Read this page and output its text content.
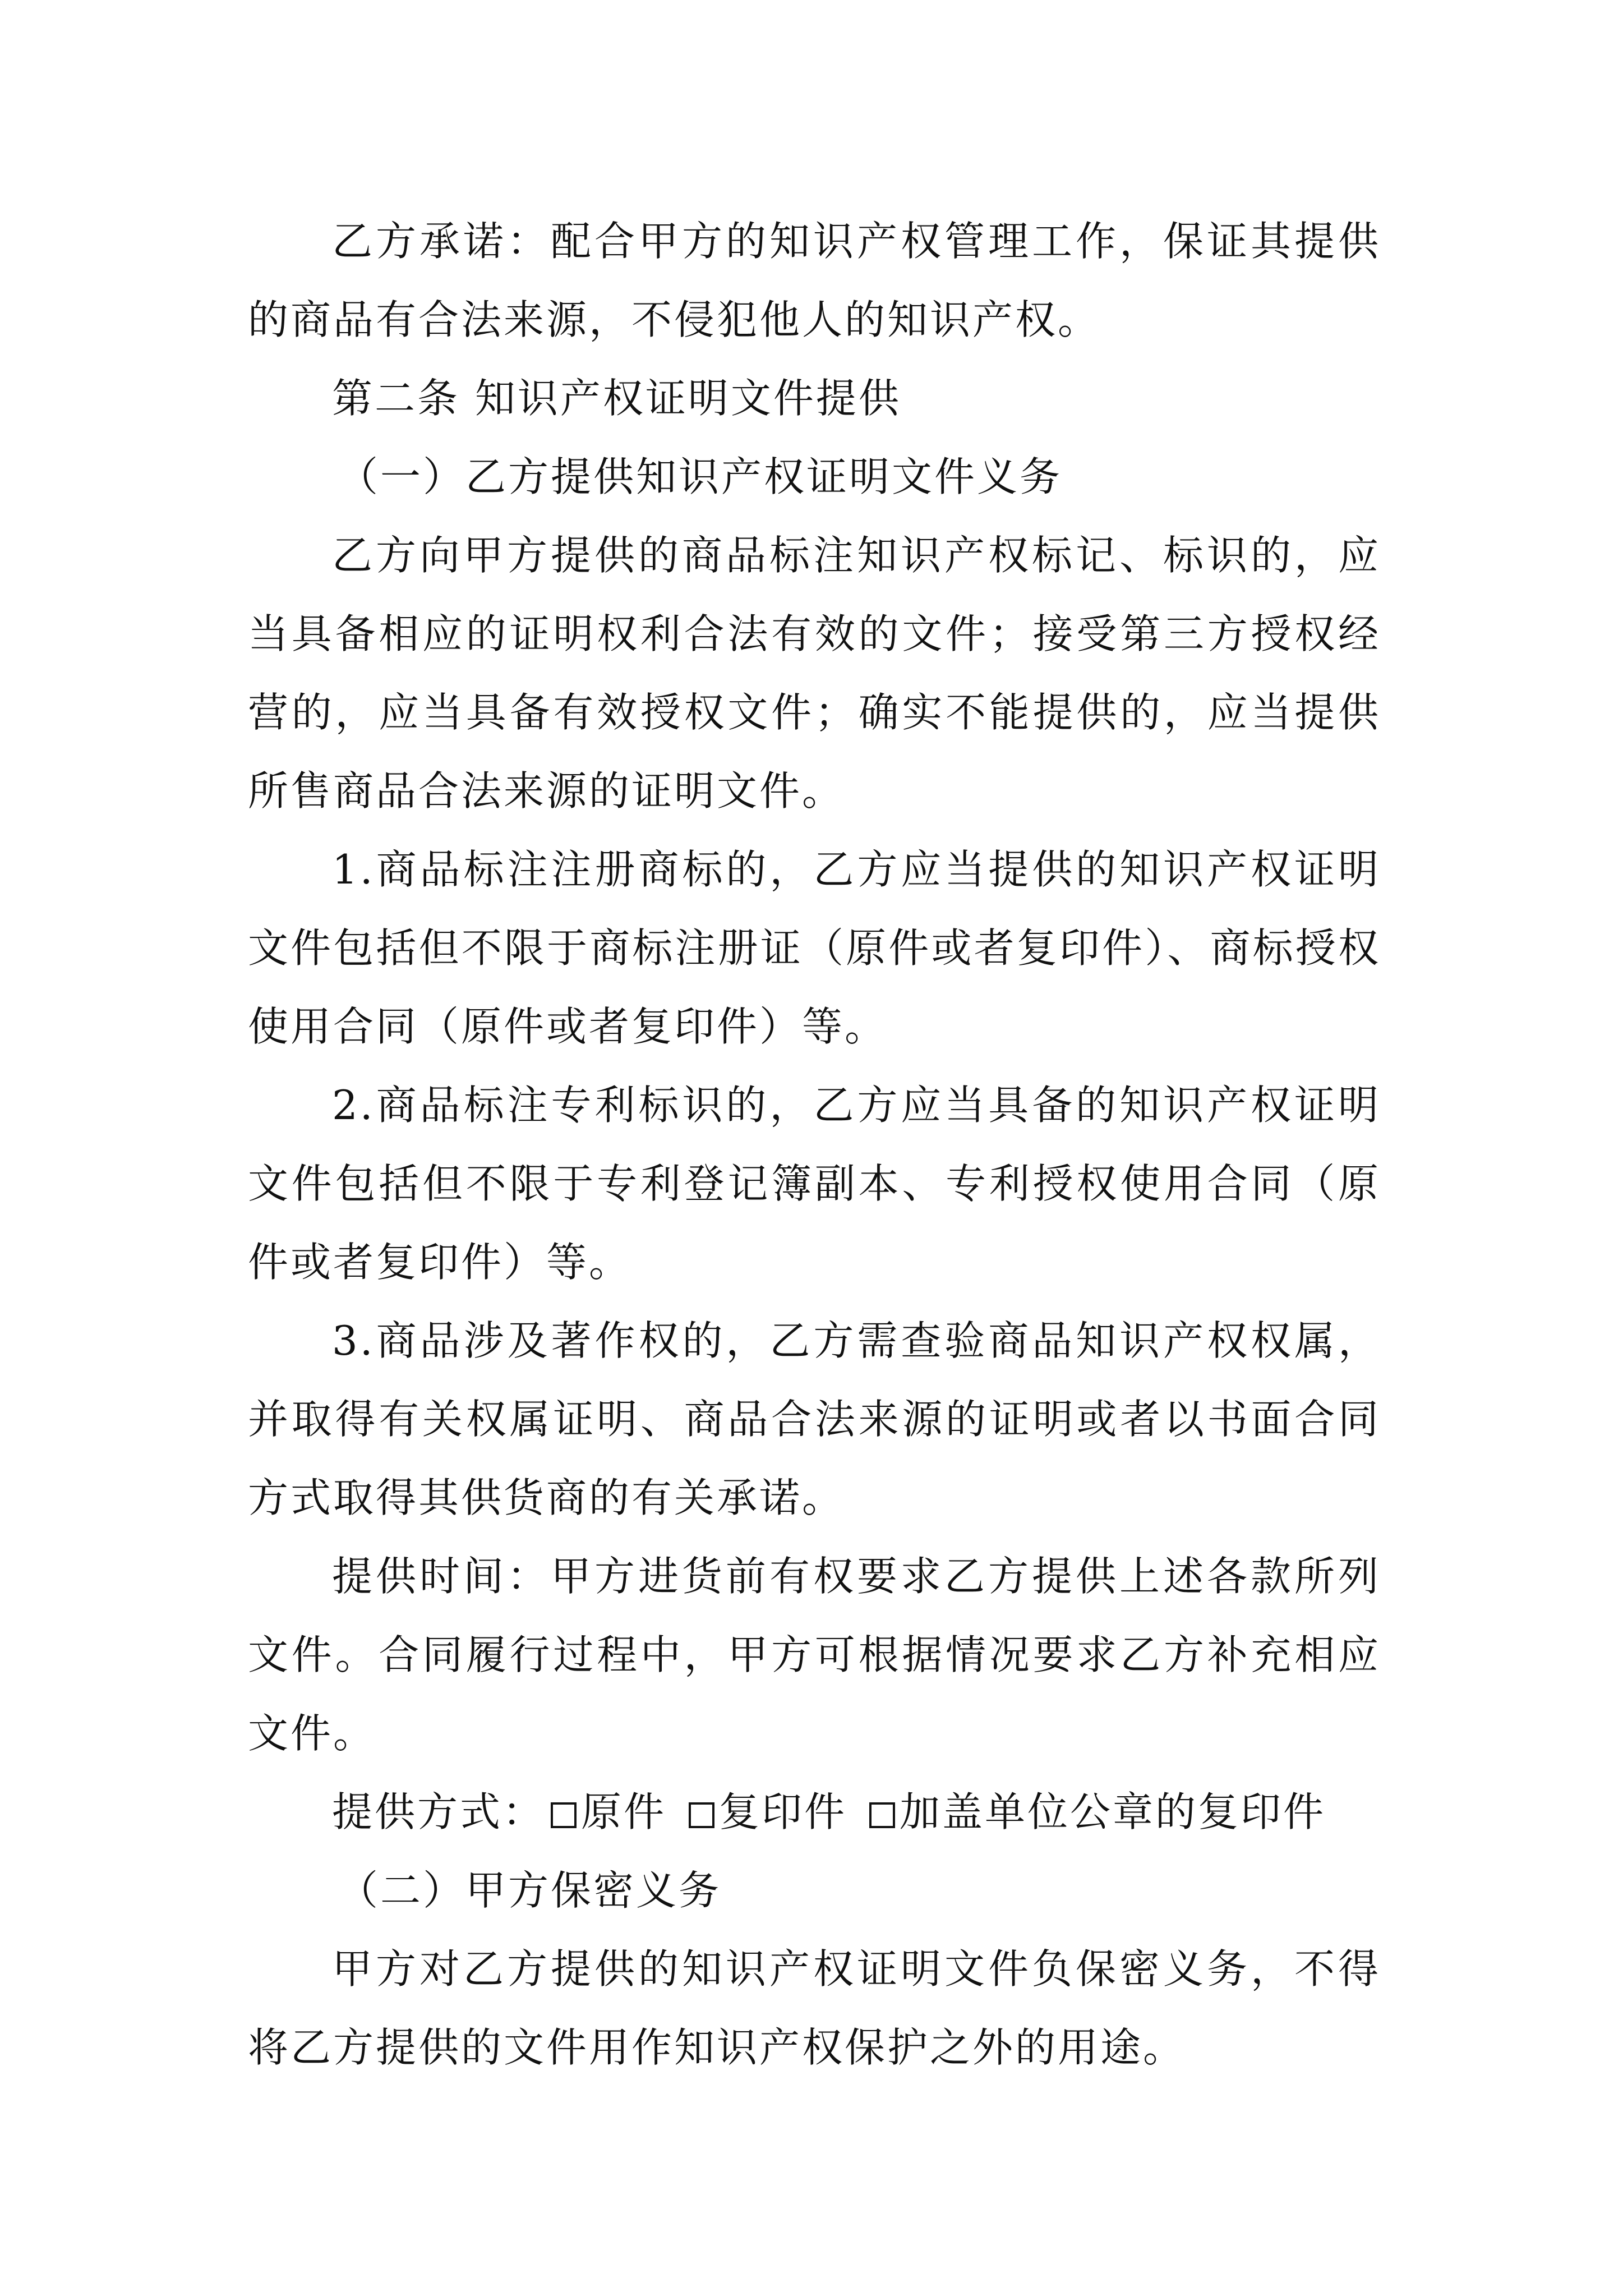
乙方承诺：配合甲方的知识产权管理工作，保证其提供的商品有合法来源，不侵犯他人的知识产权。

第二条 知识产权证明文件提供

（一）乙方提供知识产权证明文件义务

乙方向甲方提供的商品标注知识产权标记、标识的，应当具备相应的证明权利合法有效的文件；接受第三方授权经营的，应当具备有效授权文件；确实不能提供的，应当提供所售商品合法来源的证明文件。

1.商品标注注册商标的，乙方应当提供的知识产权证明文件包括但不限于商标注册证（原件或者复印件）、商标授权使用合同（原件或者复印件）等。

2.商品标注专利标识的，乙方应当具备的知识产权证明文件包括但不限于专利登记簿副本、专利授权使用合同（原件或者复印件）等。

3.商品涉及著作权的，乙方需查验商品知识产权权属，并取得有关权属证明、商品合法来源的证明或者以书面合同方式取得其供货商的有关承诺。

提供时间：甲方进货前有权要求乙方提供上述各款所列文件。合同履行过程中，甲方可根据情况要求乙方补充相应文件。

提供方式： 原件 复印件 加盖单位公章的复印件

（二）甲方保密义务

甲方对乙方提供的知识产权证明文件负保密义务，不得将乙方提供的文件用作知识产权保护之外的用途。
